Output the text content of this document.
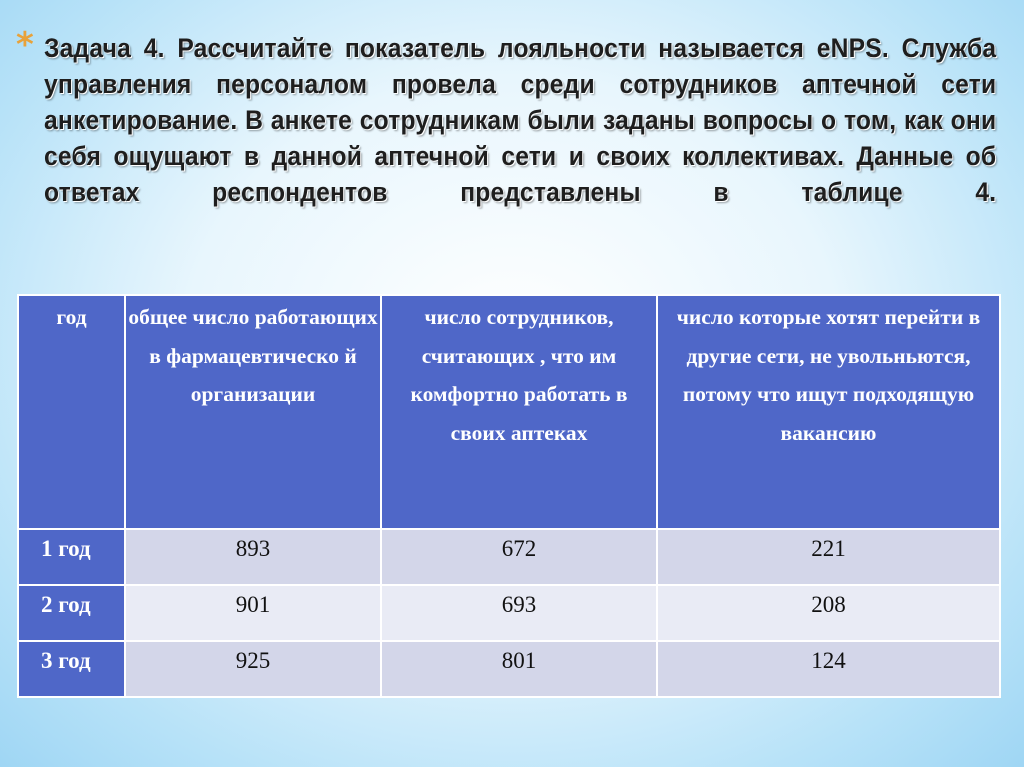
* Задача 4. Рассчитайте показатель лояльности называется eNPS. Служба управления персоналом провела среди сотрудников аптечной сети анкетирование. В анкете сотрудникам были заданы вопросы о том, как они себя ощущают в данной аптечной сети и своих коллективах. Данные об ответах респондентов представлены в таблице 4.

год	общее число работающих в фармацевтическо й организации	число сотрудников, считающих , что им комфортно работать в своих аптеках	число которые хотят перейти в другие сети, не увольньются, потому что ищут подходящую вакансию
1 год	893	672	221
2 год	901	693	208
3 год	925	801	124
